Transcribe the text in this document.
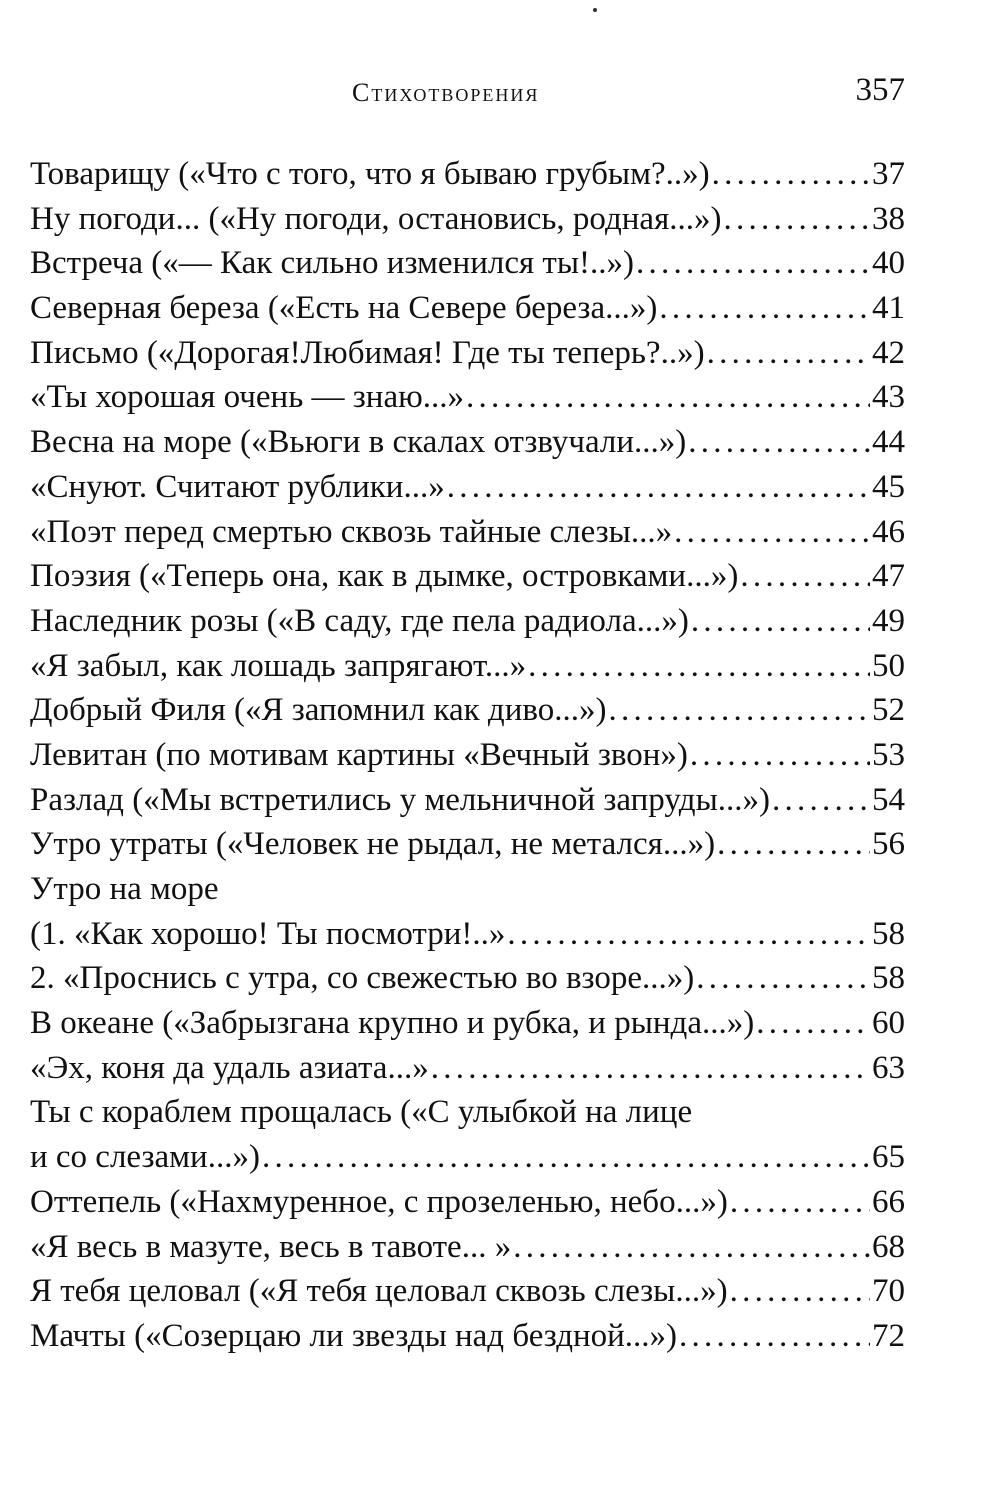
Стихотворения	357
Товарищу («Что с того, что я бываю грубым?..») . . .	37
Ну погоди... («Ну погоди, остановись, родная...») . . .	38
Встреча («— Как сильно изменился ты!..») . . .	40
Северная береза («Есть на Севере береза...») . . .	41
Письмо («Дорогая!Любимая! Где ты теперь?..») . . .	42
«Ты хорошая очень — знаю...» . . .	43
Весна на море («Вьюги в скалах отзвучали...») . . .	44
«Снуют. Считают рублики...» . . .	45
«Поэт перед смертью сквозь тайные слезы...» . . .	46
Поэзия («Теперь она, как в дымке, островками...») . . .	47
Наследник розы («В саду, где пела радиола...») . . .	49
«Я забыл, как лошадь запрягают...» . . .	50
Добрый Филя («Я запомнил как диво...») . . .	52
Левитан (по мотивам картины «Вечный звон») . . .	53
Разлад («Мы встретились у мельничной запруды...») . . .	54
Утро утраты («Человек не рыдал, не метался...») . . .	56
Утро на море
(1. «Как хорошо! Ты посмотри!..» . . .	58
2. «Проснись с утра, со свежестью во взоре...») . . .	58
В океане («Забрызгана крупно и рубка, и рында...») . . .	60
«Эх, коня да удаль азиата...» . . .	63
Ты с кораблем прощалась («С улыбкой на лице
и со слезами...») . . .	65
Оттепель («Нахмуренное, с прозеленью, небо...») . . .	66
«Я весь в мазуте, весь в тавоте... » . . .	68
Я тебя целовал («Я тебя целовал сквозь слезы...») . . .	70
Мачты («Созерцаю ли звезды над бездной...») . . .	72
